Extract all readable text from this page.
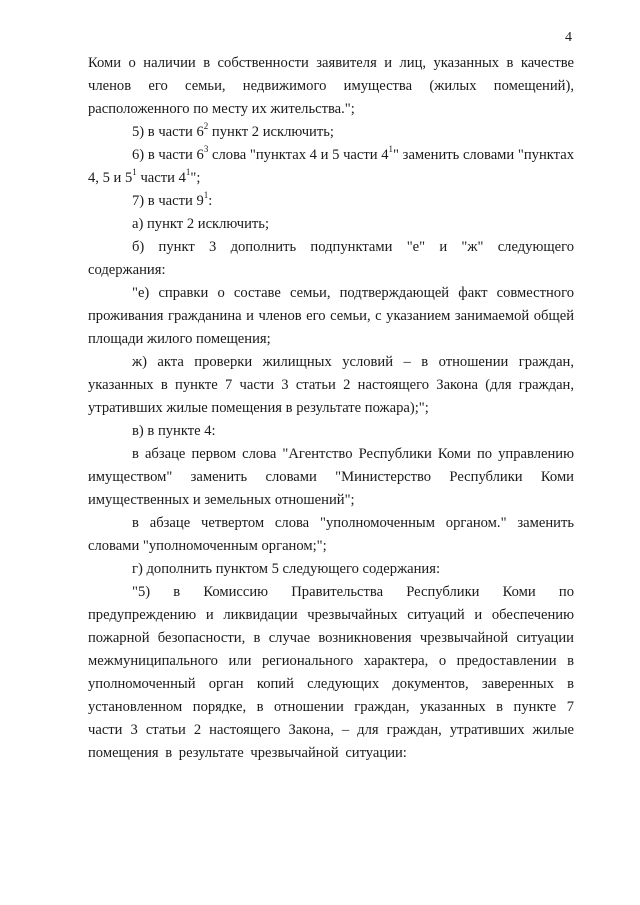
4

Коми о наличии в собственности заявителя и лиц, указанных в качестве членов его семьи, недвижимого имущества (жилых помещений), расположенного по месту их жительства.";

5) в части $6^2$ пункт 2 исключить;

6) в части $6^3$ слова "пунктах 4 и 5 части $4^1$" заменить словами "пунктах 4, 5 и $5^1$ части $4^1$";

7) в части $9^1$:

а) пункт 2 исключить;

б) пункт 3 дополнить подпунктами "е" и "ж" следующего содержания:

"е) справки о составе семьи, подтверждающей факт совместного проживания гражданина и членов его семьи, с указанием занимаемой общей площади жилого помещения;

ж) акта проверки жилищных условий – в отношении граждан, указанных в пункте 7 части 3 статьи 2 настоящего Закона (для граждан, утративших жилые помещения в результате пожара);";

в) в пункте 4:

в абзаце первом слова "Агентство Республики Коми по управлению имуществом" заменить словами "Министерство Республики Коми имущественных и земельных отношений";

в абзаце четвертом слова "уполномоченным органом." заменить словами "уполномоченным органом;";

г) дополнить пунктом 5 следующего содержания:

"5) в Комиссию Правительства Республики Коми по предупреждению и ликвидации чрезвычайных ситуаций и обеспечению пожарной безопасности, в случае возникновения чрезвычайной ситуации межмуниципального или регионального характера, о предоставлении в уполномоченный орган копий следующих документов, заверенных в установленном порядке, в отношении граждан, указанных в пункте 7 части 3 статьи 2 настоящего Закона, – для граждан, утративших жилые помещения в результате чрезвычайной ситуации:
